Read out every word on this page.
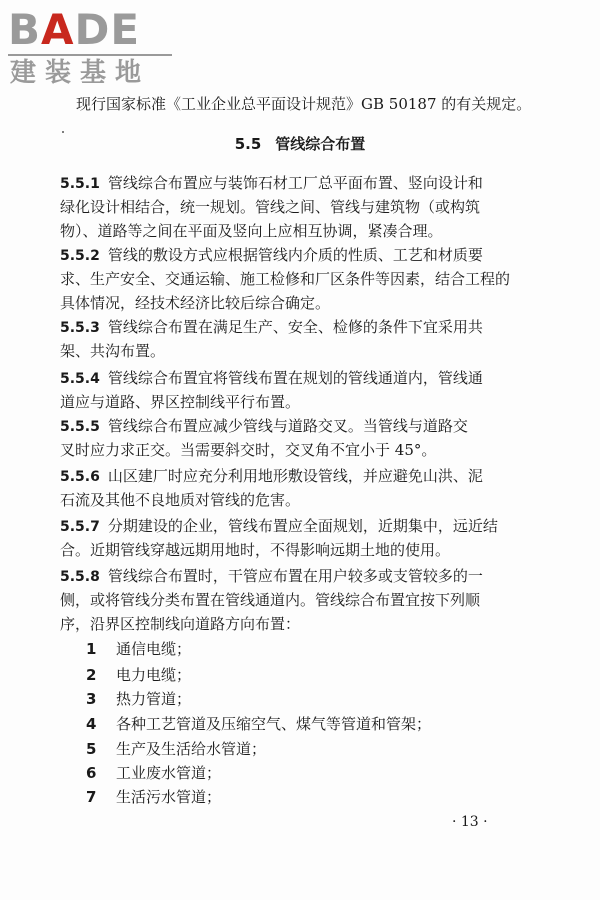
BADE
建装基地
现行国家标准《工业企业总平面设计规范》GB 50187 的有关规定。
5.5 管线综合布置
5.5.1 管线综合布置应与装饰石材工厂总平面布置、竖向设计和
绿化设计相结合，统一规划。管线之间、管线与建筑物（或构筑
物）、道路等之间在平面及竖向上应相互协调，紧凑合理。
5.5.2 管线的敷设方式应根据管线内介质的性质、工艺和材质要
求、生产安全、交通运输、施工检修和厂区条件等因素，结合工程的
具体情况，经技术经济比较后综合确定。
5.5.3 管线综合布置在满足生产、安全、检修的条件下宜采用共
架、共沟布置。
5.5.4 管线综合布置宜将管线布置在规划的管线通道内，管线通
道应与道路、界区控制线平行布置。
5.5.5 管线综合布置应减少管线与道路交叉。当管线与道路交
叉时应力求正交。当需要斜交时，交叉角不宜小于 45°。
5.5.6 山区建厂时应充分利用地形敷设管线，并应避免山洪、泥
石流及其他不良地质对管线的危害。
5.5.7 分期建设的企业，管线布置应全面规划，近期集中，远近结
合。近期管线穿越远期用地时，不得影响远期土地的使用。
5.5.8 管线综合布置时，干管应布置在用户较多或支管较多的一
侧，或将管线分类布置在管线通道内。管线综合布置宜按下列顺
序，沿界区控制线向道路方向布置：
1 通信电缆；
2 电力电缆；
3 热力管道；
4 各种工艺管道及压缩空气、煤气等管道和管架；
5 生产及生活给水管道；
6 工业废水管道；
7 生活污水管道；
· 13 ·
